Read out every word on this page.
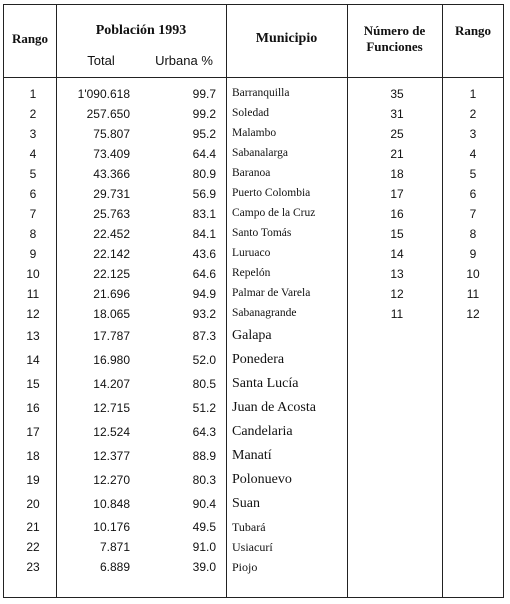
Rango
Población 1993
Total	Urbana %
Municipio
Número de
Funciones
Rango
1	1'090.618	99.7 Barranquilla	35	1
2	257.650	99.2 Soledad	31	2
3	75.807	95.2 Malambo	25	3
4	73.409	64.4 Sabanalarga	21	4
5	43.366	80.9 Baranoa	18	5
6	29.731	56.9 Puerto Colombia	17	6
7	25.763	83.1 Campo de la Cruz	16	7
8	22.452	84.1 Santo Tomás	15	8
9	22.142	43.6 Luruaco	14	9
10	22.125	64.6 Repelón	13	10
11	21.696	94.9 Palmar de Varela	12	11
12	18.065	93.2 Sabanagrande	11	12
13	17.787	87.3 Galapa
14	16.980	52.0 Ponedera
15	14.207	80.5 Santa Lucía
16	12.715	51.2 Juan de Acosta
17	12.524	64.3 Candelaria
18	12.377	88.9 Manatí
19	12.270	80.3 Polonuevo
20	10.848	90.4 Suan
21	10.176	49.5 Tubará
22	7.871	91.0 Usiacurí
23	6.889	39.0 Piojo
